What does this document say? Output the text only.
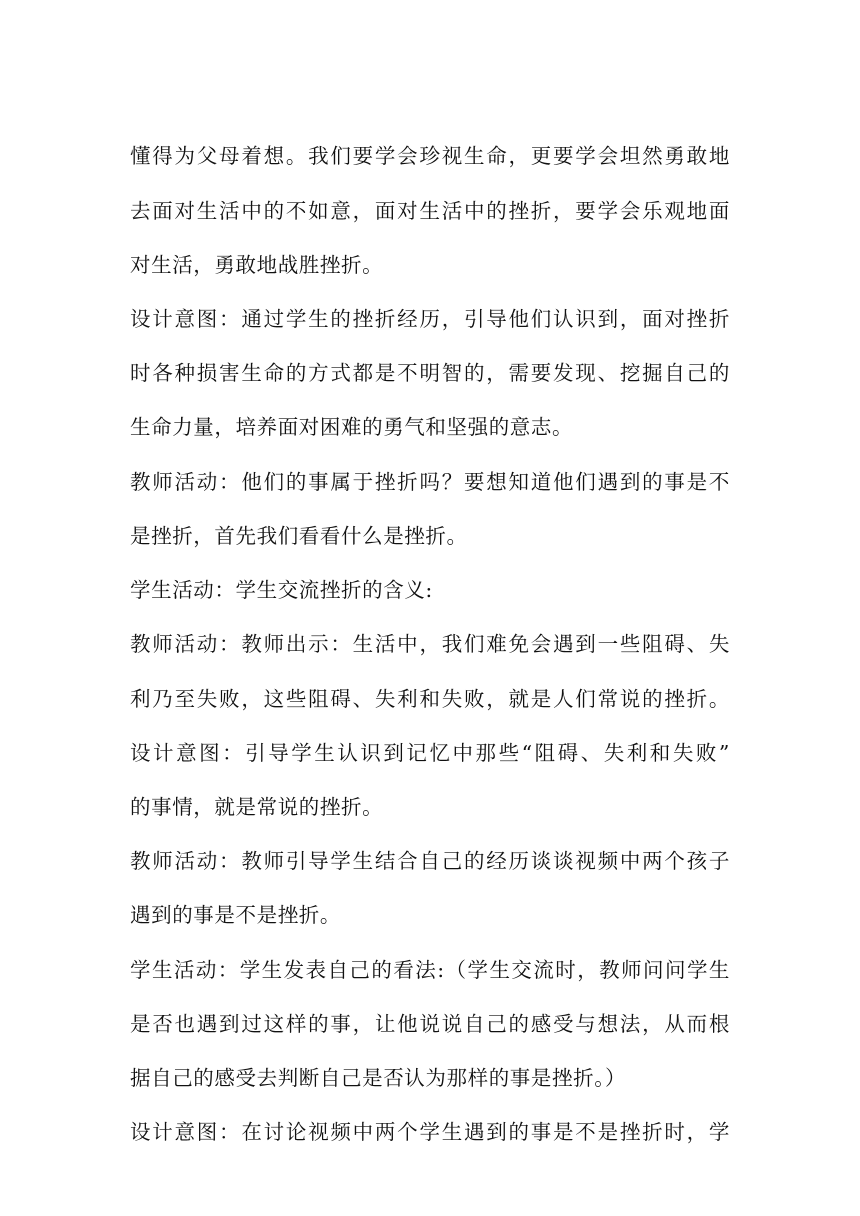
懂得为父母着想。我们要学会珍视生命，更要学会坦然勇敢地
去面对生活中的不如意，面对生活中的挫折，要学会乐观地面
对生活，勇敢地战胜挫折。
设计意图：通过学生的挫折经历，引导他们认识到，面对挫折
时各种损害生命的方式都是不明智的，需要发现、挖掘自己的
生命力量，培养面对困难的勇气和坚强的意志。
教师活动：他们的事属于挫折吗？要想知道他们遇到的事是不
是挫折，首先我们看看什么是挫折。
学生活动：学生交流挫折的含义:
教师活动：教师出示：生活中，我们难免会遇到一些阻碍、失
利乃至失败，这些阻碍、失利和失败，就是人们常说的挫折。
设计意图：引导学生认识到记忆中那些“阻碍、失利和失败”
的事情，就是常说的挫折。
教师活动：教师引导学生结合自己的经历谈谈视频中两个孩子
遇到的事是不是挫折。
学生活动：学生发表自己的看法:（学生交流时，教师问问学生
是否也遇到过这样的事，让他说说自己的感受与想法，从而根
据自己的感受去判断自己是否认为那样的事是挫折。）
设计意图：在讨论视频中两个学生遇到的事是不是挫折时，学
